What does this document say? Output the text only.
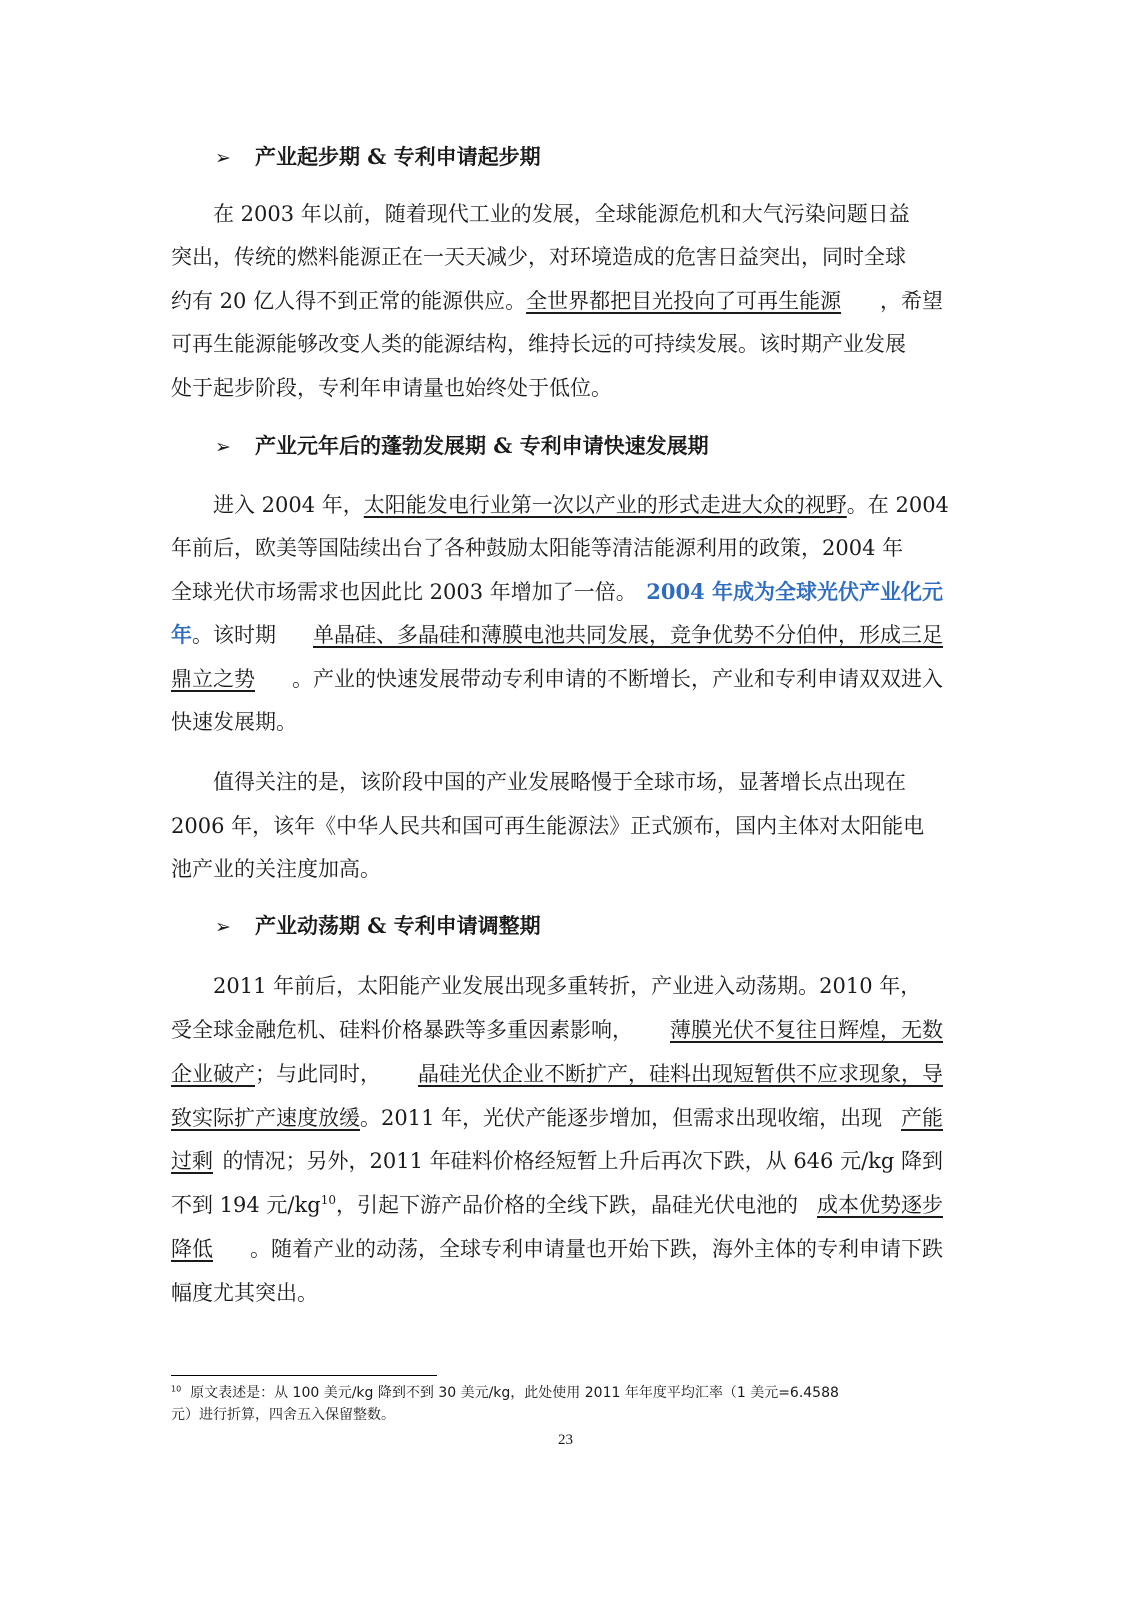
➢ 产业起步期 & 专利申请起步期
在 2003 年以前，随着现代工业的发展，全球能源危机和大气污染问题日益
突出，传统的燃料能源正在一天天减少，对环境造成的危害日益突出，同时全球
约有 20 亿人得不到正常的能源供应。全世界都把目光投向了可再生能源 ，希望
可再生能源能够改变人类的能源结构，维持长远的可持续发展。该时期产业发展
处于起步阶段，专利年申请量也始终处于低位。
➢ 产业元年后的蓬勃发展期 & 专利申请快速发展期
进入 2004 年，太阳能发电行业第一次以产业的形式走进大众的视野 。在 2004
年前后，欧美等国陆续出台了各种鼓励太阳能等清洁能源利用的政策，2004 年
全球光伏市场需求也因此比 2003 年增加了一倍。 2004 年成为全球光伏产业化元
年。该时期 单晶硅、多晶硅和薄膜电池共同发展，竞争优势不分伯仲，形成三足
鼎立之势 。产业的快速发展带动专利申请的不断增长，产业和专利申请双双进入
快速发展期。
值得关注的是，该阶段中国的产业发展略慢于全球市场，显著增长点出现在
2006 年，该年《中华人民共和国可再生能源法》正式颁布，国内主体对太阳能电
池产业的关注度加高。
➢ 产业动荡期 & 专利申请调整期
2011 年前后，太阳能产业发展出现多重转折，产业进入动荡期。2010 年，
受全球金融危机、硅料价格暴跌等多重因素影响， 薄膜光伏不复往日辉煌，无数
企业破产；与此同时， 晶硅光伏企业不断扩产，硅料出现短暂供不应求现象，导
致实际扩产速度放缓。2011 年，光伏产能逐步增加，但需求出现收缩，出现 产能
过剩 的情况；另外，2011 年硅料价格经短暂上升后再次下跌，从 646 元/kg 降到
不到 194 元$/kg^{10}$，引起下游产品价格的全线下跌，晶硅光伏电池的 成本优势逐步
降低 。随着产业的动荡，全球专利申请量也开始下跌，海外主体的专利申请下跌
幅度尤其突出。
$^{10}$ 原文表述是：从 100 美元/kg 降到不到 30 美元/kg，此处使用 2011 年年度平均汇率（1 美元=6.4588
元）进行折算，四舍五入保留整数。
23
